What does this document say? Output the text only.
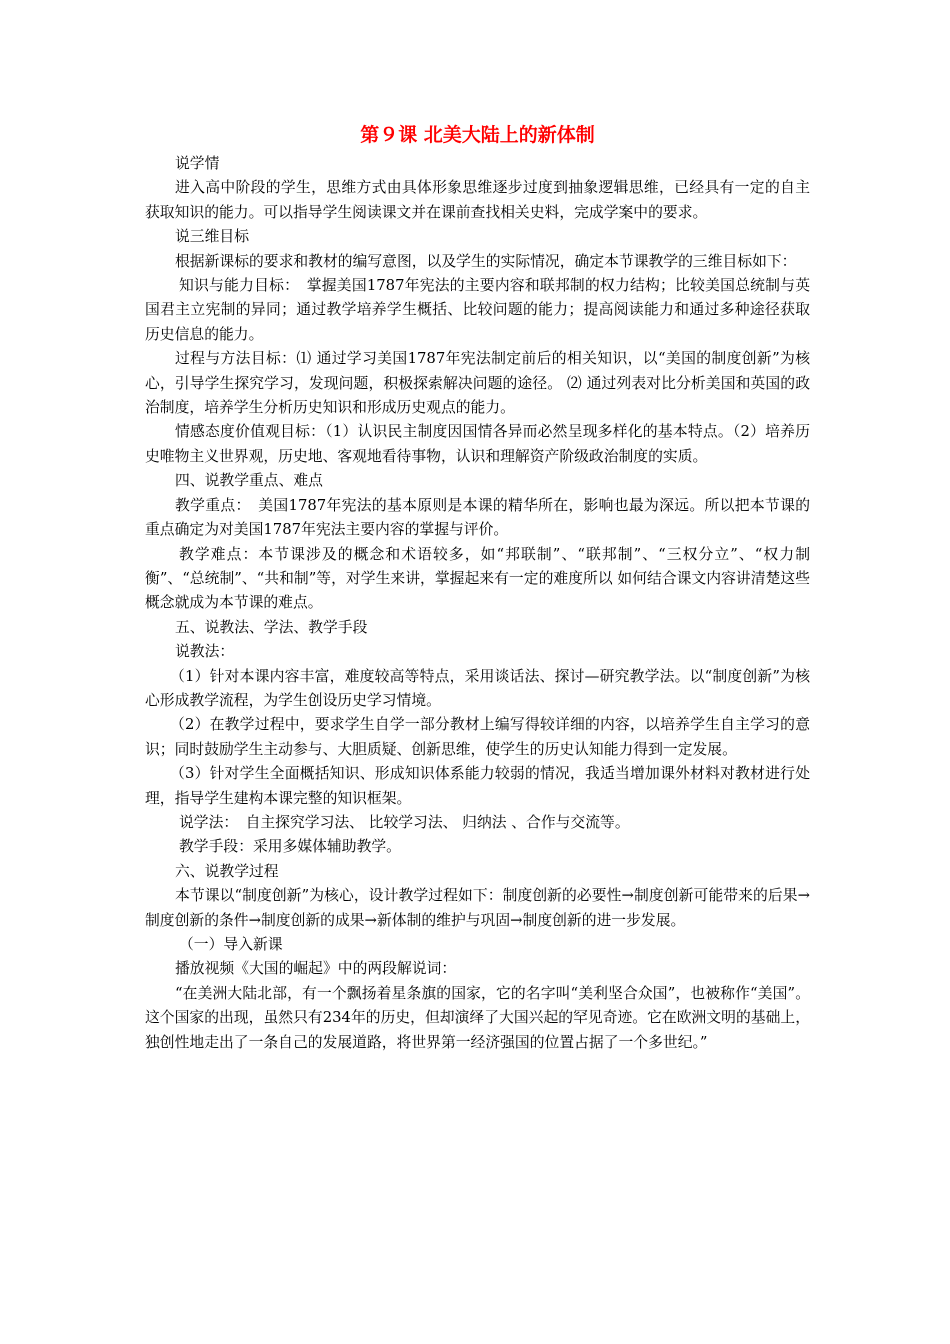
第９课 北美大陆上的新体制

说学情

进入高中阶段的学生，思维方式由具体形象思维逐步过度到抽象逻辑思维，已经具有一定的自主获取知识的能力。可以指导学生阅读课文并在课前查找相关史料，完成学案中的要求。

说三维目标

根据新课标的要求和教材的编写意图，以及学生的实际情况，确定本节课教学的三维目标如下：

知识与能力目标：　掌握美国1787年宪法的主要内容和联邦制的权力结构；比较美国总统制与英国君主立宪制的异同；通过教学培养学生概括、比较问题的能力；提高阅读能力和通过多种途径获取历史信息的能力。

过程与方法目标：⑴ 通过学习美国1787年宪法制定前后的相关知识，以“美国的制度创新”为核心，引导学生探究学习，发现问题，积极探索解决问题的途径。 ⑵ 通过列表对比分析美国和英国的政治制度，培养学生分析历史知识和形成历史观点的能力。

情感态度价值观目标：（1）认识民主制度因国情各异而必然呈现多样化的基本特点。（2）培养历史唯物主义世界观，历史地、客观地看待事物，认识和理解资产阶级政治制度的实质。

四、说教学重点、难点

教学重点：　美国1787年宪法的基本原则是本课的精华所在，影响也最为深远。所以把本节课的重点确定为对美国1787年宪法主要内容的掌握与评价。

教学难点：本节课涉及的概念和术语较多，如“邦联制”、“联邦制”、“三权分立”、“权力制衡”、“总统制”、“共和制”等，对学生来讲，掌握起来有一定的难度所以 如何结合课文内容讲清楚这些概念就成为本节课的难点。

五、说教法、学法、教学手段

说教法：

（1）针对本课内容丰富，难度较高等特点，采用谈话法、探讨—研究教学法。以“制度创新”为核心形成教学流程，为学生创设历史学习情境。

（2）在教学过程中，要求学生自学一部分教材上编写得较详细的内容，以培养学生自主学习的意识；同时鼓励学生主动参与、大胆质疑、创新思维，使学生的历史认知能力得到一定发展。

（3）针对学生全面概括知识、形成知识体系能力较弱的情况，我适当增加课外材料对教材进行处理，指导学生建构本课完整的知识框架。

说学法：　自主探究学习法、 比较学习法、 归纳法 、合作与交流等。

教学手段：采用多媒体辅助教学。

六、说教学过程

本节课以“制度创新”为核心，设计教学过程如下：制度创新的必要性→制度创新可能带来的后果→制度创新的条件→制度创新的成果→新体制的维护与巩固→制度创新的进一步发展。

（一）导入新课

播放视频《大国的崛起》中的两段解说词：

“在美洲大陆北部，有一个飘扬着星条旗的国家，它的名字叫“美利坚合众国”，也被称作“美国”。这个国家的出现，虽然只有234年的历史，但却演绎了大国兴起的罕见奇迹。它在欧洲文明的基础上，独创性地走出了一条自己的发展道路，将世界第一经济强国的位置占据了一个多世纪。”
